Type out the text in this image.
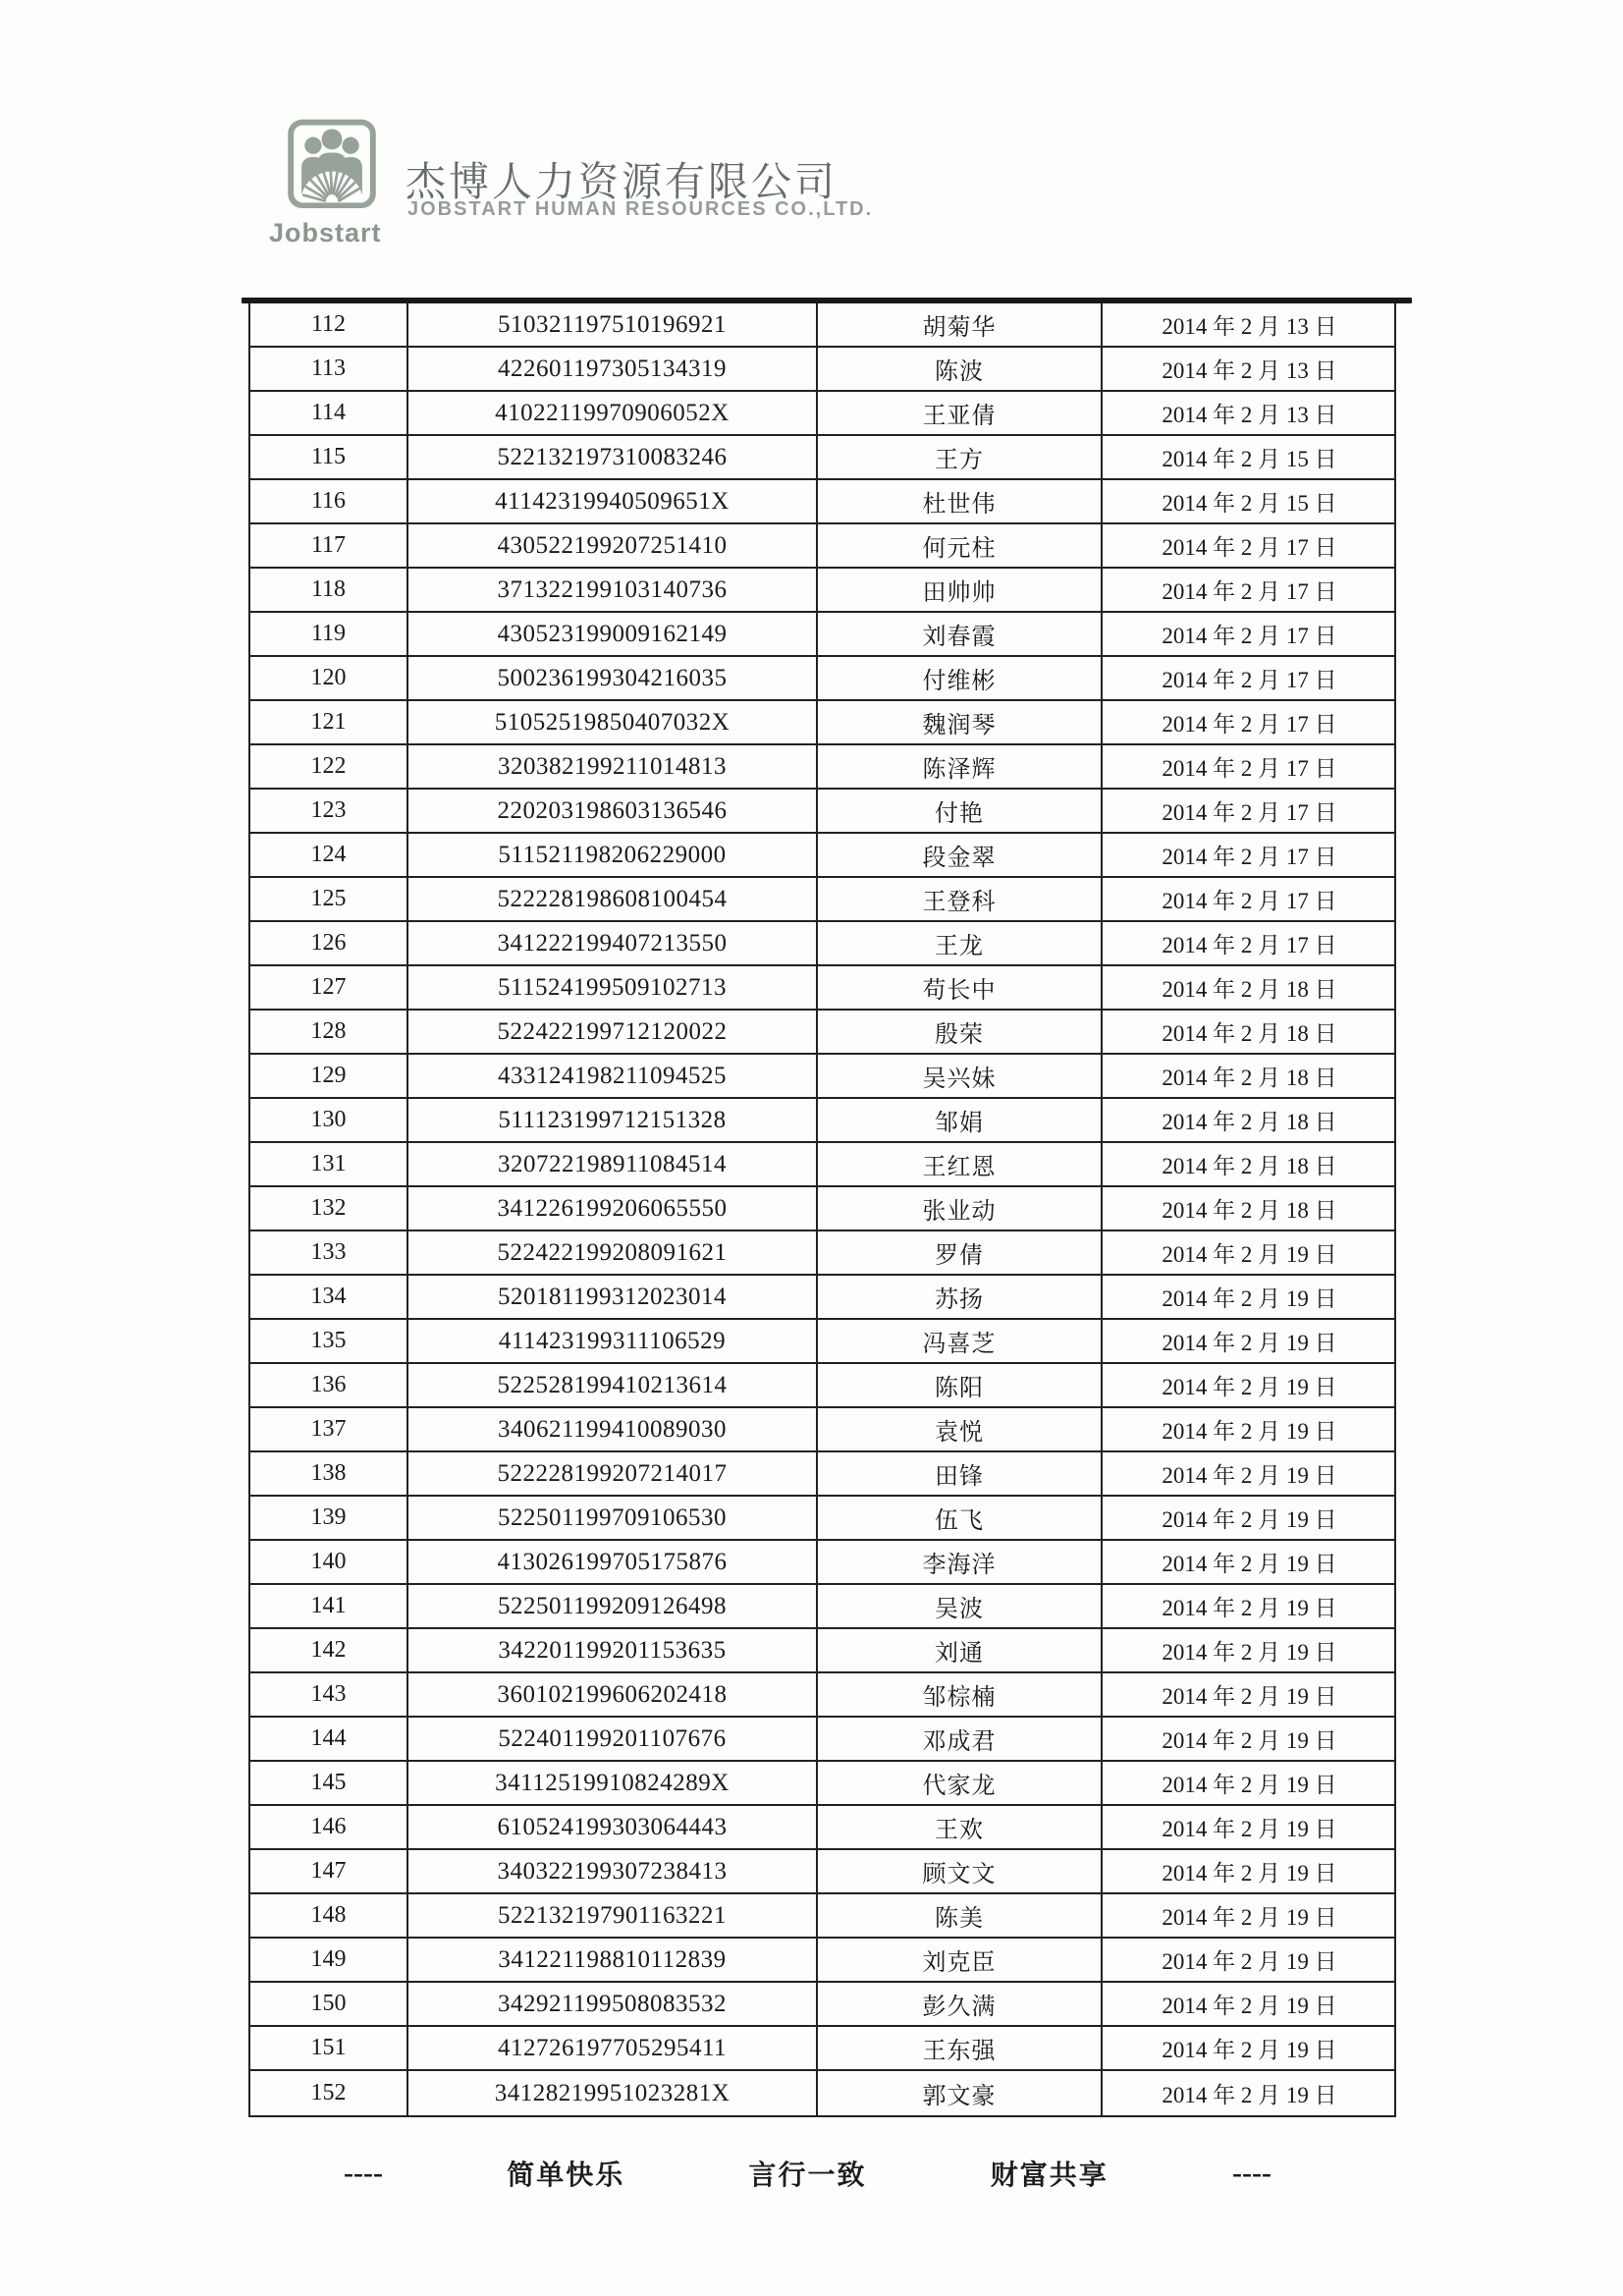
Jobstart
杰博人力资源有限公司
JOBSTART HUMAN RESOURCES CO.,LTD.
112	510321197510196921	胡菊华	2014 年 2 月 13 日
113	422601197305134319	陈波	2014 年 2 月 13 日
114	41022119970906052X	王亚倩	2014 年 2 月 13 日
115	522132197310083246	王方	2014 年 2 月 15 日
116	41142319940509651X	杜世伟	2014 年 2 月 15 日
117	430522199207251410	何元柱	2014 年 2 月 17 日
118	371322199103140736	田帅帅	2014 年 2 月 17 日
119	430523199009162149	刘春霞	2014 年 2 月 17 日
120	500236199304216035	付维彬	2014 年 2 月 17 日
121	51052519850407032X	魏润琴	2014 年 2 月 17 日
122	320382199211014813	陈泽辉	2014 年 2 月 17 日
123	220203198603136546	付艳	2014 年 2 月 17 日
124	511521198206229000	段金翠	2014 年 2 月 17 日
125	522228198608100454	王登科	2014 年 2 月 17 日
126	341222199407213550	王龙	2014 年 2 月 17 日
127	511524199509102713	苟长中	2014 年 2 月 18 日
128	522422199712120022	殷荣	2014 年 2 月 18 日
129	433124198211094525	吴兴妹	2014 年 2 月 18 日
130	511123199712151328	邹娟	2014 年 2 月 18 日
131	320722198911084514	王红恩	2014 年 2 月 18 日
132	341226199206065550	张业动	2014 年 2 月 18 日
133	522422199208091621	罗倩	2014 年 2 月 19 日
134	520181199312023014	苏扬	2014 年 2 月 19 日
135	411423199311106529	冯喜芝	2014 年 2 月 19 日
136	522528199410213614	陈阳	2014 年 2 月 19 日
137	340621199410089030	袁悦	2014 年 2 月 19 日
138	522228199207214017	田锋	2014 年 2 月 19 日
139	522501199709106530	伍飞	2014 年 2 月 19 日
140	413026199705175876	李海洋	2014 年 2 月 19 日
141	522501199209126498	吴波	2014 年 2 月 19 日
142	342201199201153635	刘通	2014 年 2 月 19 日
143	360102199606202418	邹棕楠	2014 年 2 月 19 日
144	522401199201107676	邓成君	2014 年 2 月 19 日
145	34112519910824289X	代家龙	2014 年 2 月 19 日
146	610524199303064443	王欢	2014 年 2 月 19 日
147	340322199307238413	顾文文	2014 年 2 月 19 日
148	522132197901163221	陈美	2014 年 2 月 19 日
149	341221198810112839	刘克臣	2014 年 2 月 19 日
150	342921199508083532	彭久满	2014 年 2 月 19 日
151	412726197705295411	王东强	2014 年 2 月 19 日
152	34128219951023281X	郭文豪	2014 年 2 月 19 日
----	简单快乐	言行一致	财富共享	----
